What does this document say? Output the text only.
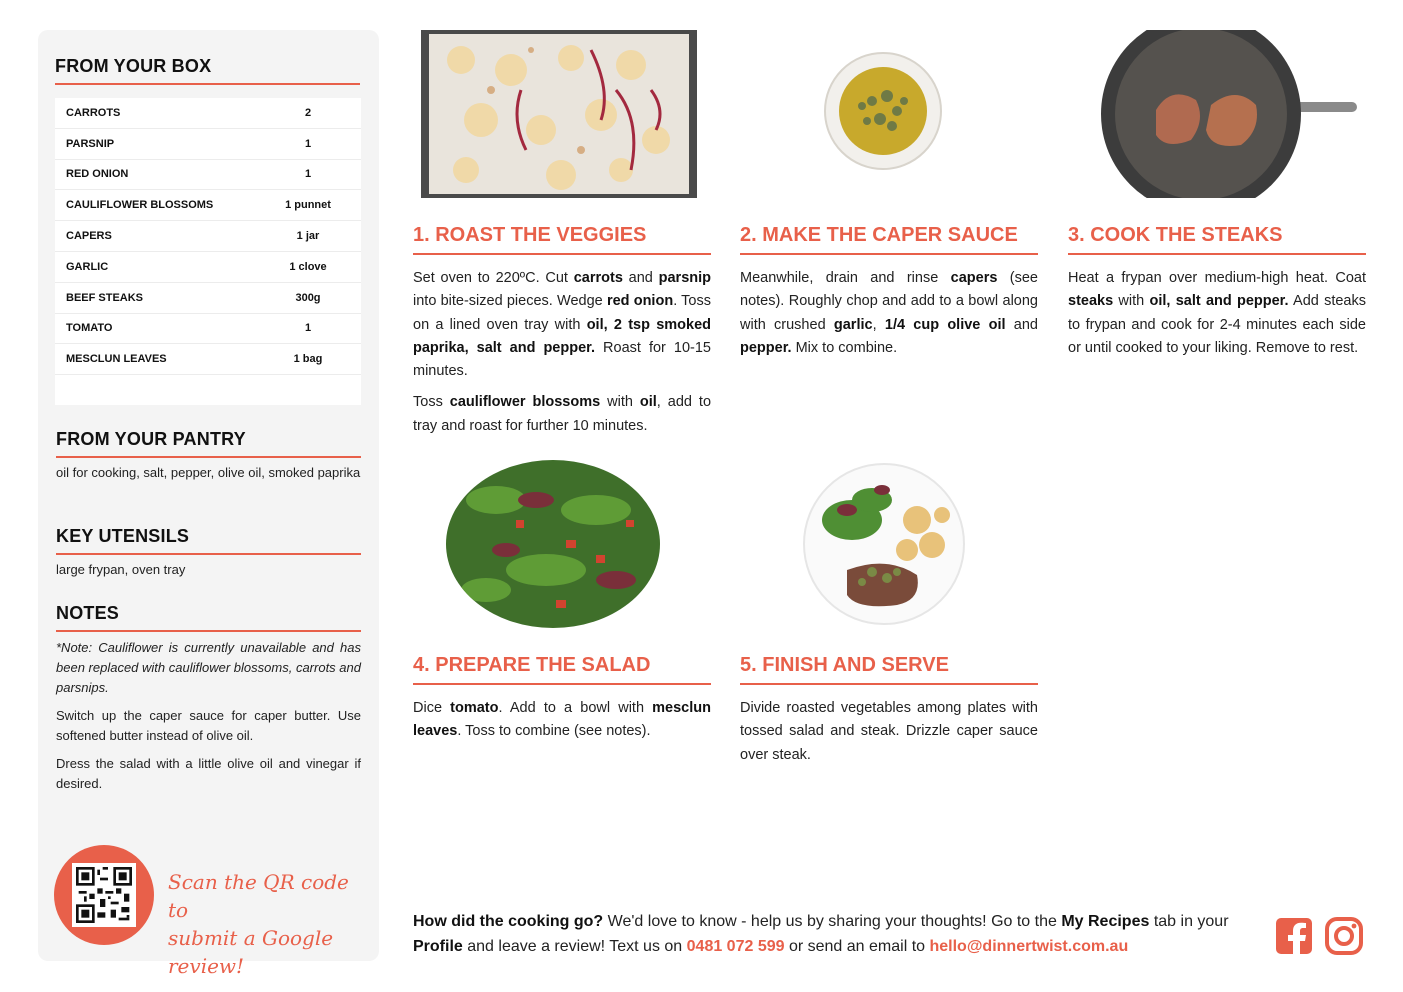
FROM YOUR BOX
CARROTS	2
PARSNIP	1
RED ONION	1
CAULIFLOWER BLOSSOMS	1 punnet
CAPERS	1 jar
GARLIC	1 clove
BEEF STEAKS	300g
TOMATO	1
MESCLUN LEAVES	1 bag
FROM YOUR PANTRY
oil for cooking, salt, pepper, olive oil, smoked paprika
KEY UTENSILS
large frypan, oven tray
NOTES
*Note: Cauliflower is currently unavailable and has been replaced with cauliflower blossoms, carrots and parsnips.
Switch up the caper sauce for caper butter. Use softened butter instead of olive oil.
Dress the salad with a little olive oil and vinegar if desired.
Scan the QR code to
submit a Google review!
1. ROAST THE VEGGIES

Set oven to 220ºC. Cut carrots and parsnip into bite-sized pieces. Wedge red onion. Toss on a lined oven tray with oil, 2 tsp smoked paprika, salt and pepper. Roast for 10-15 minutes.

Toss cauliflower blossoms with oil, add to tray and roast for further 10 minutes.

2. MAKE THE CAPER SAUCE

Meanwhile, drain and rinse capers (see notes). Roughly chop and add to a bowl along with crushed garlic, 1/4 cup olive oil and pepper. Mix to combine.

3. COOK THE STEAKS

Heat a frypan over medium-high heat. Coat steaks with oil, salt and pepper. Add steaks to frypan and cook for 2-4 minutes each side or until cooked to your liking. Remove to rest.

4. PREPARE THE SALAD

Dice tomato. Add to a bowl with mesclun leaves. Toss to combine (see notes).

5. FINISH AND SERVE

Divide roasted vegetables among plates with tossed salad and steak. Drizzle caper sauce over steak.

How did the cooking go? We'd love to know - help us by sharing your thoughts! Go to the My Recipes tab in your Profile and leave a review! Text us on 0481 072 599 or send an email to hello@dinnertwist.com.au
